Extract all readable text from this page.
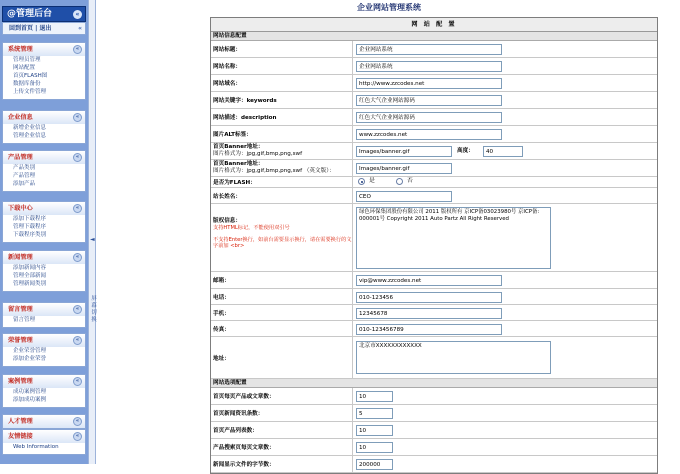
@管理后台	«
回到首页 | 退出	«
系统管理	«
管理员管理
网站配置
首页FLASH图
数据库备份
上传文件管理
企业信息	«
新增企业信息
管理企业信息
产品管理	«
产品类别
产品管理
添加产品
下载中心	«
添加下载程序
管理下载程序
下载程序类别
新闻管理	«
添加新闻内容
管理全部新闻
管理新闻类别
留言管理	«
留言管理
荣誉管理	«
企业荣誉管理
添加企业荣誉
案例管理	«
成功案例管理
添加成功案例
人才管理	«
友情链接	«
Web Information
◄
屏幕切换
企业网站管理系统
网 站 配 置
网站信息配置
网站标题：	企业网站系统
网站名称：	企业网站系统
网站域名：	http://www.zzcodes.net
网站关键字：keywords	红色大气企业网站源码
网站描述：description	红色大气企业网站源码
图片ALT标签：	www.zzcodes.net
首页Banner地址：
图片格式为：jpg,gif,bmp,png,swf	Images/banner.gif	高度：	40
首页Banner地址：
图片格式为：jpg,gif,bmp,png,swf （英文版）：	Images/banner.gif
是否为FLASH：	是	否
站长姓名：	CEO
版权信息：
支持HTML标记，不能使用双引号
不支持Enter换行，如前台需要显示换行，请在需要换行的文字前加 <br>
绿色环保集团股份有限公司 2011 版权所有 京ICP备03023980号 京ICP备: 000001号 Copyright 2011 Auto Partz All Right Reserved
邮箱：	vip@www.zzcodes.net
电话：	010-123456
手机：	12345678
传真：	010-123456789
地址：
北京市XXXXXXXXXXXX
网站选项配置
首页每页产品或文章数：	10
首页新闻资讯条数：	5
首页产品列表数：	10
产品搜索页每页文章数：	10
新闻显示文件的字节数：	200000
